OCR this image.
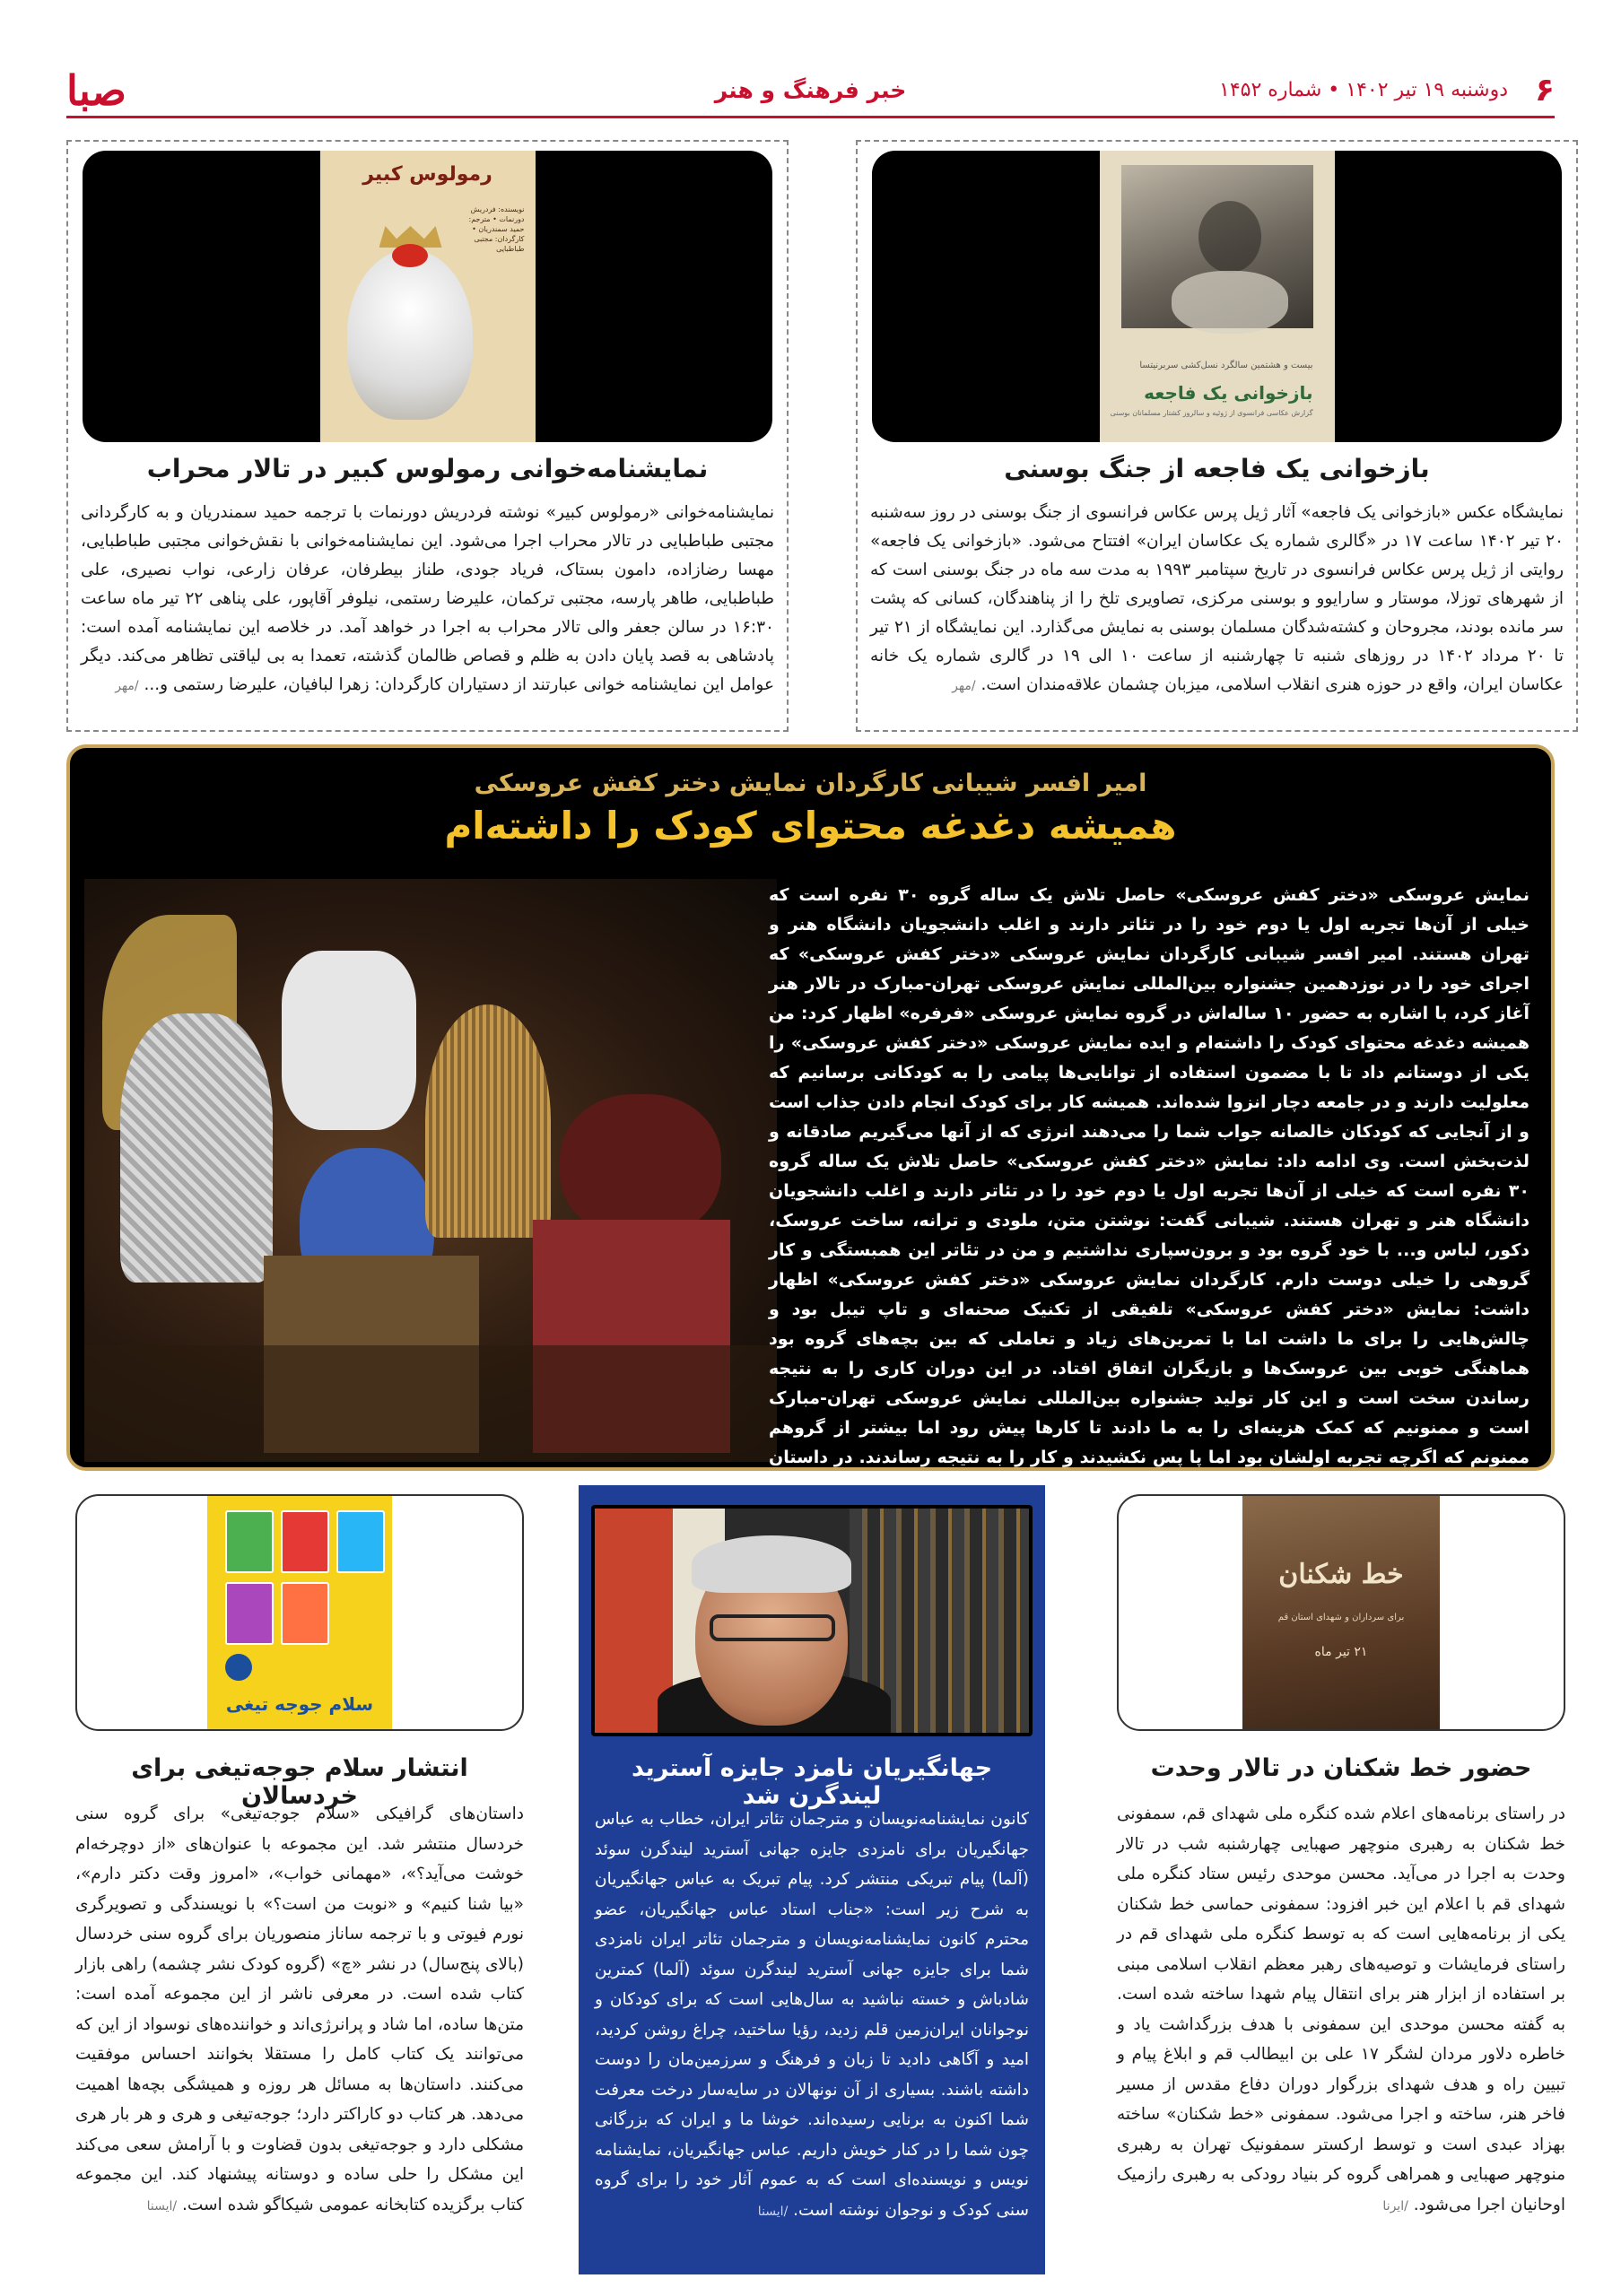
۶
دوشنبه ۱۹ تیر ۱۴۰۲ • شماره ۱۴۵۲
خبر فرهنگ و هنر
صبا
بیست و هشتمین سالگرد نسل‌کشی سربرنیتسا
بازخوانی یک فاجعه
گزارش عکاسی فرانسوی از ژوئیه و سالروز کشتار مسلمانان بوسنی
بازخوانی یک فاجعه از جنگ بوسنی

نمایشگاه عکس «بازخوانی یک فاجعه» آثار ژیل پرس عکاس فرانسوی از جنگ بوسنی در روز سه‌شنبه ۲۰ تیر ۱۴۰۲ ساعت ۱۷ در «گالری شماره یک عکاسان ایران» افتتاح می‌شود. «بازخوانی یک فاجعه» روایتی از ژیل پرس عکاس فرانسوی در تاریخ سپتامبر ۱۹۹۳ به مدت سه ماه در جنگ بوسنی است که از شهرهای توزلا، موستار و سارایوو و بوسنی مرکزی، تصاویری تلخ را از پناهندگان، کسانی که پشت سر مانده بودند، مجروحان و کشته‌شدگان مسلمان بوسنی به نمایش می‌گذارد. این نمایشگاه از ۲۱ تیر تا ۲۰ مرداد ۱۴۰۲ در روزهای شنبه تا چهارشنبه از ساعت ۱۰ الی ۱۹ در گالری شماره یک خانه عکاسان ایران، واقع در حوزه هنری انقلاب اسلامی، میزبان چشمان علاقه‌مندان است. /مهر

رمولوس کبیر
نویسنده: فردریش دورنمات • مترجم: حمید سمندریان • کارگردان: مجتبی طباطبایی
نمایشنامه‌خوانی رمولوس کبیر در تالار محراب

نمایشنامه‌خوانی «رمولوس کبیر» نوشته فردریش دورنمات با ترجمه حمید سمندریان و به کارگردانی مجتبی طباطبایی در تالار محراب اجرا می‌شود. این نمایشنامه‌خوانی با نقش‌خوانی مجتبی طباطبایی، مهسا رضازاده، دامون بستاک، فریاد جودی، طناز بیطرفان، عرفان زارعی، نواب نصیری، علی طباطبایی، طاهر پارسه، مجتبی ترکمان، علیرضا رستمی، نیلوفر آقاپور، علی پناهی ۲۲ تیر ماه ساعت ۱۶:۳۰ در سالن جعفر والی تالار محراب به اجرا در خواهد آمد. در خلاصه این نمایشنامه آمده است: پادشاهی به قصد پایان دادن به ظلم و قصاص ظالمان گذشته، تعمدا به بی لیاقتی تظاهر می‌کند. دیگر عوامل این نمایشنامه خوانی عبارتند از دستیاران کارگردان: زهرا لبافیان، علیرضا رستمی و... /مهر

امیر افسر شیبانی کارگردان نمایش دختر کفش عروسکی
همیشه دغدغه محتوای کودک را داشته‌ام

نمایش عروسکی «دختر کفش عروسکی» حاصل تلاش یک ساله گروه ۳۰ نفره است که خیلی از آن‌ها تجربه اول یا دوم خود را در تئاتر دارند و اغلب دانشجویان دانشگاه هنر و تهران هستند. امیر افسر شیبانی کارگردان نمایش عروسکی «دختر کفش عروسکی» که اجرای خود را در نوزدهمین جشنواره بین‌المللی نمایش عروسکی تهران-مبارک در تالار هنر آغاز کرد، با اشاره به حضور ۱۰ ساله‌اش در گروه نمایش عروسکی «فرفره» اظهار کرد: من همیشه دغدغه محتوای کودک را داشته‌ام و ایده نمایش عروسکی «دختر کفش عروسکی» را یکی از دوستانم داد تا با مضمون استفاده از توانایی‌ها پیامی را به کودکانی برسانیم که معلولیت دارند و در جامعه دچار انزوا شده‌اند. همیشه کار برای کودک انجام دادن جذاب است و از آنجایی که کودکان خالصانه جواب شما را می‌دهند انرژی که از آنها می‌گیریم صادقانه و لذت‌بخش است. وی ادامه داد: نمایش «دختر کفش عروسکی» حاصل تلاش یک ساله گروه ۳۰ نفره است که خیلی از آن‌ها تجربه اول یا دوم خود را در تئاتر دارند و اغلب دانشجویان دانشگاه هنر و تهران هستند. شیبانی گفت: نوشتن متن، ملودی و ترانه، ساخت عروسک، دکور، لباس و... با خود گروه بود و برون‌سپاری نداشتیم و من در تئاتر این همبستگی و کار گروهی را خیلی دوست دارم. کارگردان نمایش عروسکی «دختر کفش عروسکی» اظهار داشت: نمایش «دختر کفش عروسکی» تلفیقی از تکنیک صحنه‌ای و تاپ تیبل بود و چالش‌هایی را برای ما داشت اما با تمرین‌های زیاد و تعاملی که بین بچه‌های گروه بود هماهنگی خوبی بین عروسک‌ها و بازیگران اتفاق افتاد. در این دوران کاری را به نتیجه رساندن سخت است و این کار تولید جشنواره بین‌المللی نمایش عروسکی تهران-مبارک است و ممنونیم که کمک هزینه‌ای را به ما دادند تا کارها پیش رود اما بیشتر از گروهم ممنونم که اگرچه تجربه اولشان بود اما پا پس نکشیدند و کار را به نتیجه رساندند. در داستان

خط شکنان
برای سرداران و شهدای استان قم
۲۱ تیر ماه
حضور خط شکنان در تالار وحدت

در راستای برنامه‌های اعلام شده کنگره ملی شهدای قم، سمفونی خط شکنان به رهبری منوچهر صهبایی چهارشنبه شب در تالار وحدت به اجرا در می‌آید. محسن موحدی رئیس ستاد کنگره ملی شهدای قم با اعلام این خبر افزود: سمفونی حماسی خط شکنان یکی از برنامه‌هایی است که به توسط کنگره ملی شهدای قم در راستای فرمایشات و توصیه‌های رهبر معظم انقلاب اسلامی مبنی بر استفاده از ابزار هنر برای انتقال پیام شهدا ساخته شده است. به گفته محسن موحدی این سمفونی با هدف بزرگداشت یاد و خاطره دلاور مردان لشگر ۱۷ علی بن ابیطالب قم و ابلاغ پیام و تبیین راه و هدف شهدای بزرگوار دوران دفاع مقدس از مسیر فاخر هنر، ساخته و اجرا می‌شود. سمفونی «خط شکنان» ساخته بهزاد عبدی است و توسط ارکستر سمفونیک تهران به رهبری منوچهر صهبایی و همراهی گروه کر بنیاد رودکی به رهبری رازمیک اوحانیان اجرا می‌شود. /ایرنا

جهانگیریان نامزد جایزه آسترید لیندگرن شد

کانون نمایشنامه‌نویسان و مترجمان تئاتر ایران، خطاب به عباس جهانگیریان برای نامزدی جایزه جهانی آسترید لیندگرن سوئد (آلما) پیام تبریکی منتشر کرد. پیام تبریک به عباس جهانگیریان به شرح زیر است: «جناب استاد عباس جهانگیریان، عضو محترم کانون نمایشنامه‌نویسان و مترجمان تئاتر ایران نامزدی شما برای جایزه جهانی آسترید لیندگرن سوئد (آلما) کمترین شادباش و خسته نباشید به سال‌هایی است که برای کودکان و نوجوانان ایران‌زمین قلم زدید، رؤیا ساختید، چراغ روشن کردید، امید و آگاهی دادید تا زبان و فرهنگ و سرزمین‌مان را دوست داشته باشند. بسیاری از آن نونهالان در سایه‌سار درخت معرفت شما اکنون به برنایی رسیده‌اند. خوشا ما و ایران که بزرگانی چون شما را در کنار خویش داریم. عباس جهانگیریان، نمایشنامه نویس و نویسنده‌ای است که به عموم آثار خود را برای گروه سنی کودک و نوجوان نوشته است. /ایسنا

سلام جوجه تیغی
انتشار سلام جوجه‌تیغی برای خردسالان

داستان‌های گرافیکی «سلام جوجه‌تیغی» برای گروه سنی خردسال منتشر شد. این مجموعه با عنوان‌های «از دوچرخه‌ام خوشت می‌آید؟»، «مهمانی خواب»، «امروز وقت دکتر دارم»، «بیا شنا کنیم» و «نوبت من است؟» با نویسندگی و تصویرگری نورم فیوتی و با ترجمه ساناز منصوریان برای گروه سنی خردسال (بالای پنج‌سال) در نشر «چ» (گروه کودک نشر چشمه) راهی بازار کتاب شده است. در معرفی ناشر از این مجموعه آمده است: متن‌ها ساده، اما شاد و پرانرژی‌اند و خواننده‌های نوسواد از این که می‌توانند یک کتاب کامل را مستقلا بخوانند احساس موفقیت می‌کنند. داستان‌ها به مسائل هر روزه و همیشگی بچه‌ها اهمیت می‌دهد. هر کتاب دو کاراکتر دارد؛ جوجه‌تیغی و هری و هر بار هری مشکلی دارد و جوجه‌تیغی بدون قضاوت و با آرامش سعی می‌کند این مشکل را حلی ساده و دوستانه پیشنهاد کند. این مجموعه کتاب برگزیده کتابخانه عمومی شیکاگو شده است. /ایسنا
